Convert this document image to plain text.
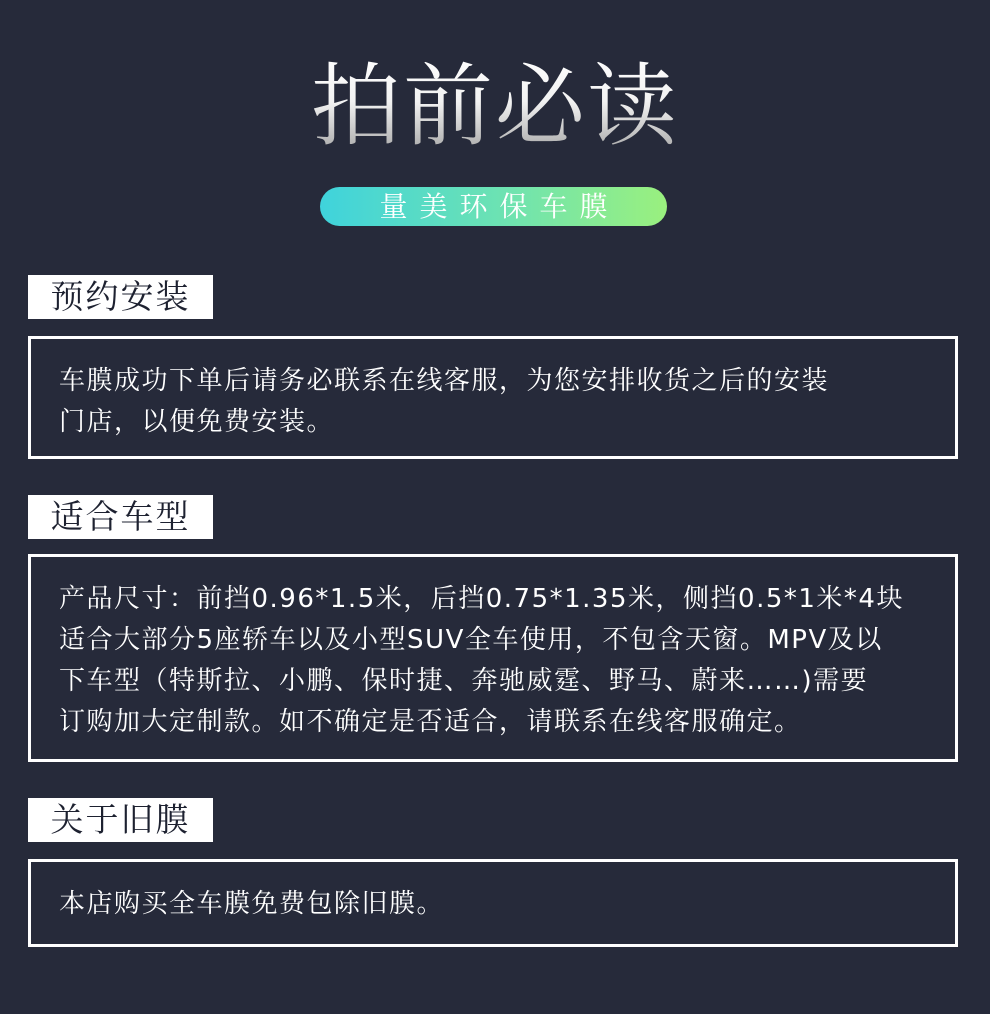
拍前必读
量美环保车膜
预约安装

车膜成功下单后请务必联系在线客服，为您安排收货之后的安装
门店，以便免费安装。

适合车型

产品尺寸：前挡0.96*1.5米，后挡0.75*1.35米，侧挡0.5*1米*4块
适合大部分5座轿车以及小型SUV全车使用，不包含天窗。MPV及以
下车型（特斯拉、小鹏、保时捷、奔驰威霆、野马、蔚来……)需要
订购加大定制款。如不确定是否适合，请联系在线客服确定。

关于旧膜

本店购买全车膜免费包除旧膜。
